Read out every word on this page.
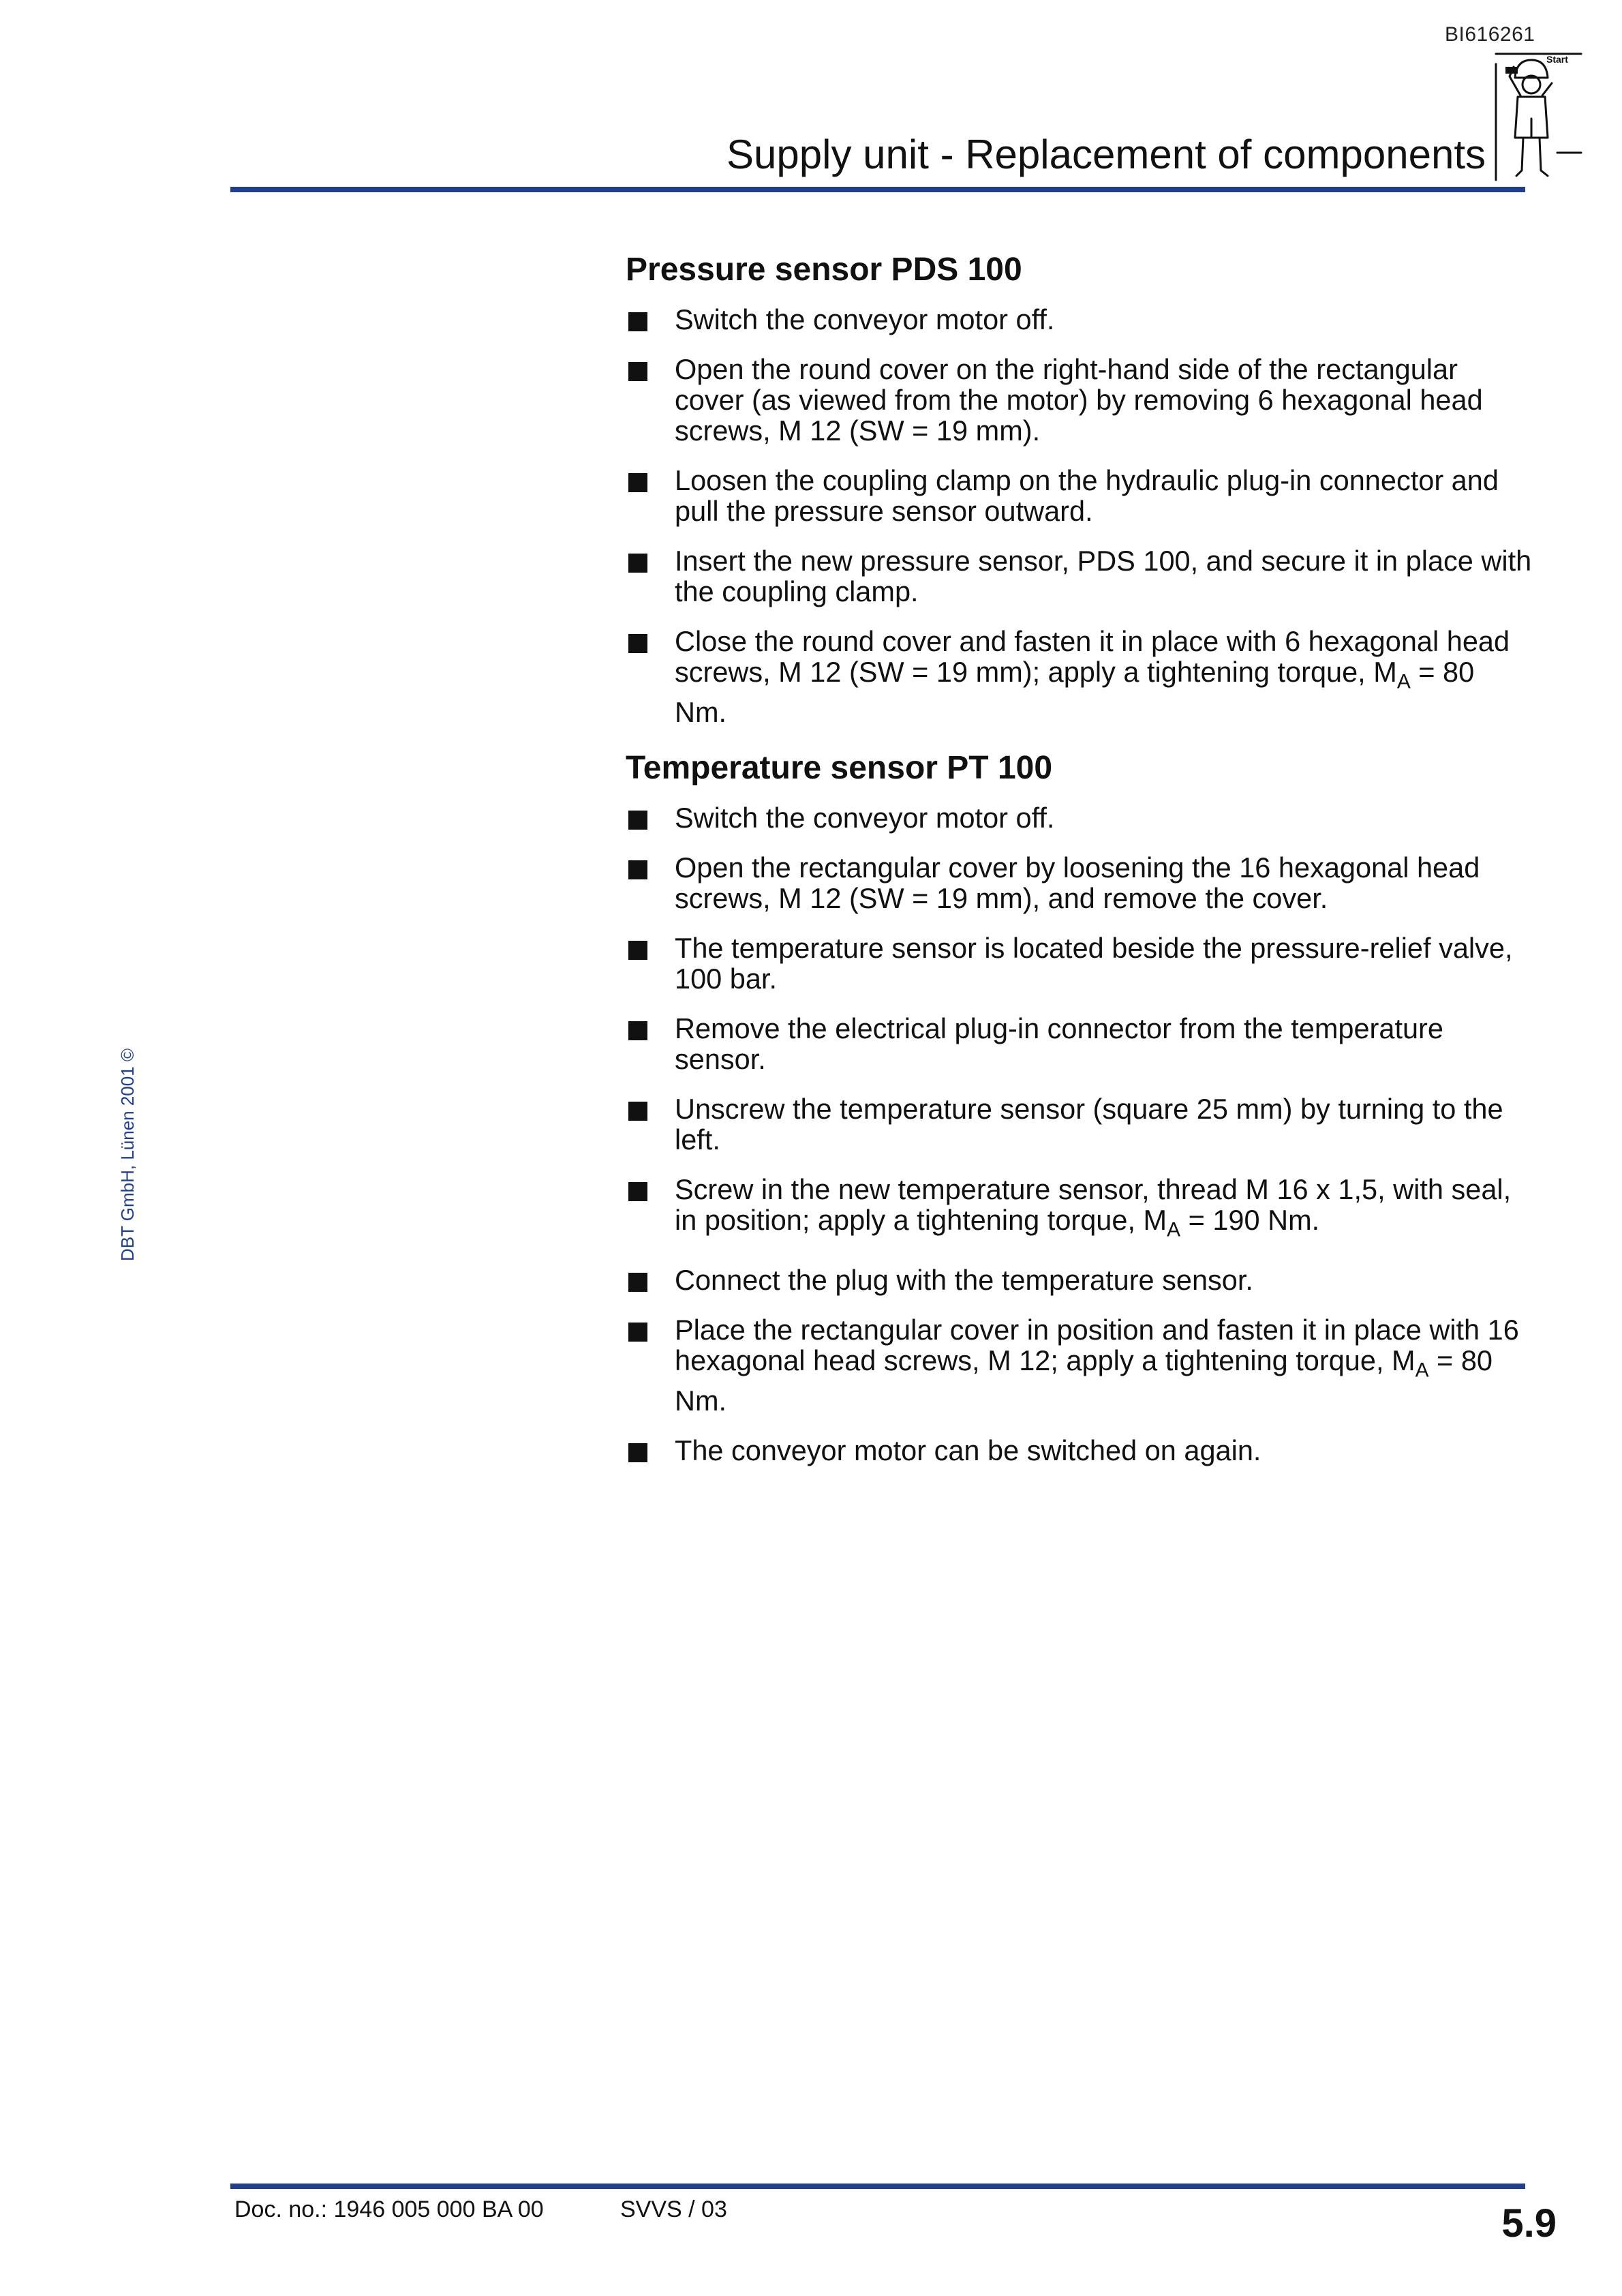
BI616261
Start
Supply unit - Replacement of components
DBT GmbH, Lünen 2001 ©
Pressure sensor PDS 100
Switch the conveyor motor off.
Open the round cover on the right-hand side of the rectangular cover (as viewed from the motor) by removing 6 hexagonal head screws, M 12 (SW = 19 mm).
Loosen the coupling clamp on the hydraulic plug-in connector and pull the pressure sensor outward.
Insert the new pressure sensor, PDS 100, and secure it in place with the coupling clamp.
Close the round cover and fasten it in place with 6 hexagonal head screws, M 12 (SW = 19 mm); apply a tightening torque, $M_A = 80$ Nm.
Temperature sensor PT 100
Switch the conveyor motor off.
Open the rectangular cover by loosening the 16 hexagonal head screws, M 12 (SW = 19 mm), and remove the cover.
The temperature sensor is located beside the pressure-relief valve, 100 bar.
Remove the electrical plug-in connector from the temperature sensor.
Unscrew the temperature sensor (square 25 mm) by turning to the left.
Screw in the new temperature sensor, thread M 16 x 1,5, with seal, in position; apply a tightening torque, $M_A = 190$ Nm.
Connect the plug with the temperature sensor.
Place the rectangular cover in position and fasten it in place with 16 hexagonal head screws, M 12; apply a tightening torque, $M_A = 80$ Nm.
The conveyor motor can be switched on again.
Doc. no.: 1946 005 000 BA 00	SVVS / 03	5.9
